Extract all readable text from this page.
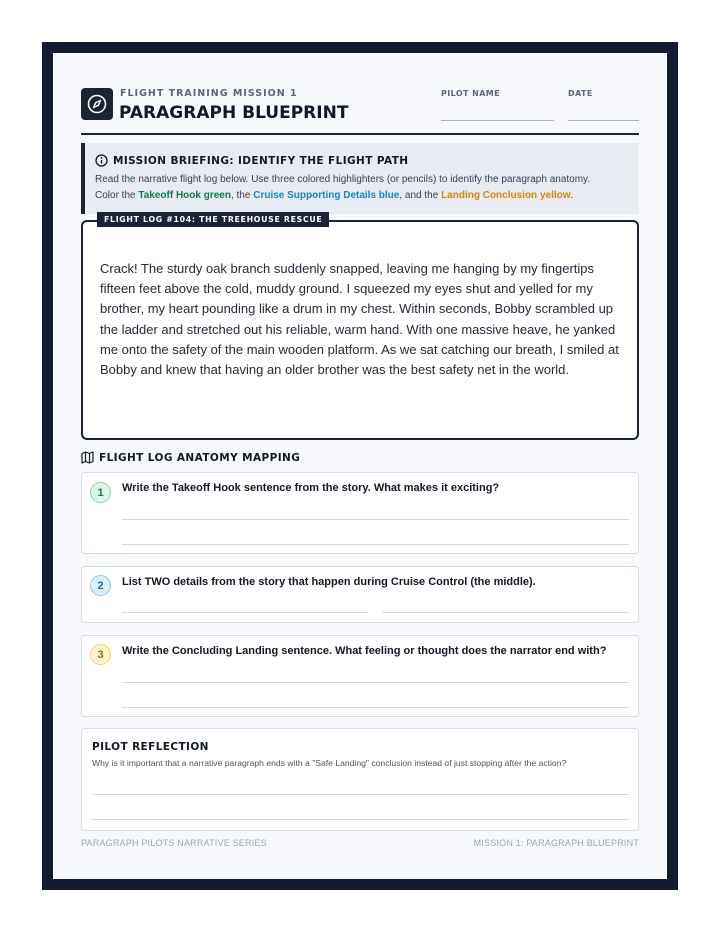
FLIGHT TRAINING MISSION 1
PARAGRAPH BLUEPRINT
PILOT NAME	DATE
MISSION BRIEFING: IDENTIFY THE FLIGHT PATH
Read the narrative flight log below. Use three colored highlighters (or pencils) to identify the paragraph anatomy.
Color the Takeoff Hook green, the Cruise Supporting Details blue, and the Landing Conclusion yellow.
FLIGHT LOG #104: THE TREEHOUSE RESCUE
Crack! The sturdy oak branch suddenly snapped, leaving me hanging by my fingertips fifteen feet above the cold, muddy ground. I squeezed my eyes shut and yelled for my brother, my heart pounding like a drum in my chest. Within seconds, Bobby scrambled up the ladder and stretched out his reliable, warm hand. With one massive heave, he yanked me onto the safety of the main wooden platform. As we sat catching our breath, I smiled at Bobby and knew that having an older brother was the best safety net in the world.
FLIGHT LOG ANATOMY MAPPING
1	Write the Takeoff Hook sentence from the story. What makes it exciting?
2	List TWO details from the story that happen during Cruise Control (the middle).
3	Write the Concluding Landing sentence. What feeling or thought does the narrator end with?
PILOT REFLECTION
Why is it important that a narrative paragraph ends with a "Safe Landing" conclusion instead of just stopping after the action?
PARAGRAPH PILOTS NARRATIVE SERIES	MISSION 1: PARAGRAPH BLUEPRINT
